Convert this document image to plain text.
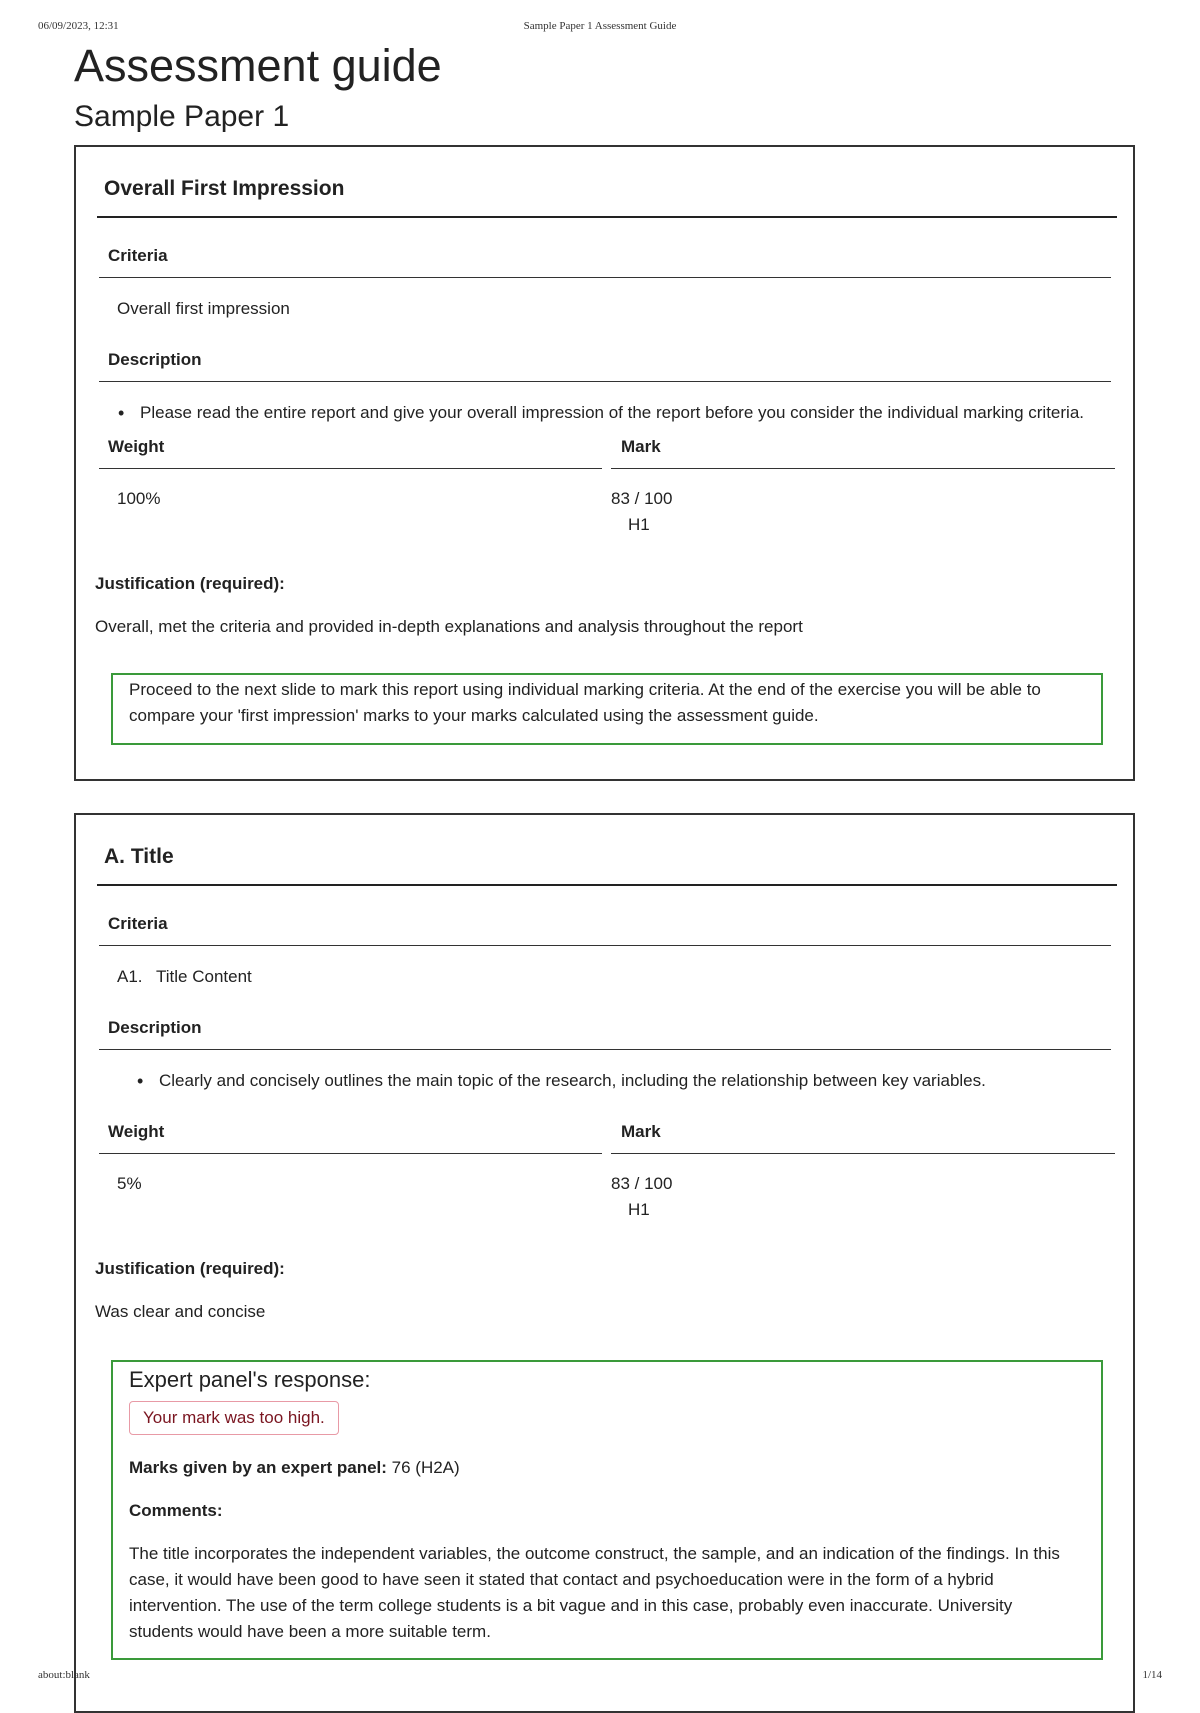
06/09/2023, 12:31	Sample Paper 1 Assessment Guide
about:blank	1/14
Assessment guide
Sample Paper 1
Overall First Impression
Criteria
Overall first impression
Description
• Please read the entire report and give your overall impression of the report before you consider the individual marking criteria.
Weight	Mark
100%	83 / 100
H1
Justification (required):
Overall, met the criteria and provided in-depth explanations and analysis throughout the report
Proceed to the next slide to mark this report using individual marking criteria. At the end of the exercise you will be able to
compare your 'first impression' marks to your marks calculated using the assessment guide.
A. Title
Criteria
A1. Title Content
Description
• Clearly and concisely outlines the main topic of the research, including the relationship between key variables.
Weight	Mark
5%	83 / 100
H1
Justification (required):
Was clear and concise
Expert panel's response:
Your mark was too high.
Marks given by an expert panel: 76 (H2A)
Comments:
The title incorporates the independent variables, the outcome construct, the sample, and an indication of the findings. In this
case, it would have been good to have seen it stated that contact and psychoeducation were in the form of a hybrid
intervention. The use of the term college students is a bit vague and in this case, probably even inaccurate. University
students would have been a more suitable term.
